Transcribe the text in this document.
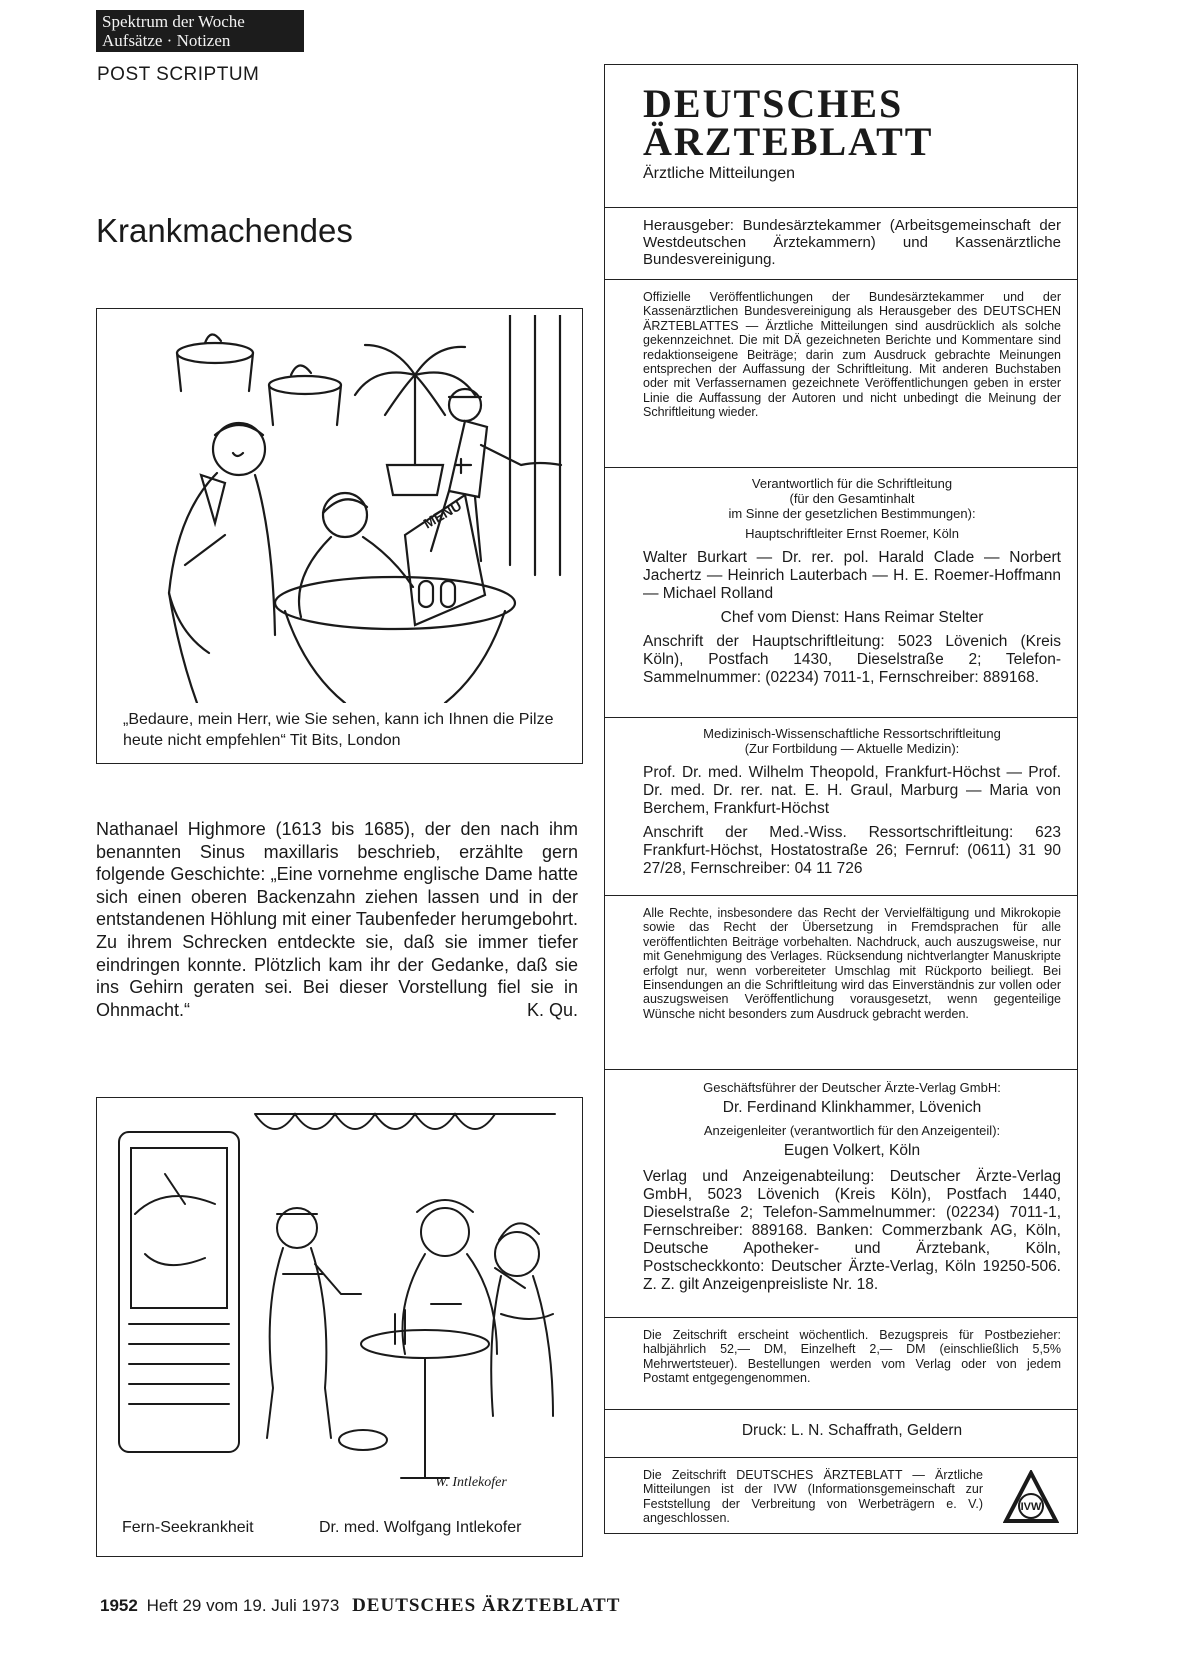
Spektrum der Woche
Aufsätze · Notizen
POST SCRIPTUM
Krankmachendes
MENU
„Bedaure, mein Herr, wie Sie sehen, kann ich Ihnen die Pilze heute nicht empfehlen“ Tit Bits, London
Nathanael Highmore (1613 bis 1685), der den nach ihm benannten Sinus maxillaris beschrieb, erzählte gern folgende Geschichte: „Eine vornehme englische Dame hatte sich einen oberen Backenzahn ziehen lassen und in der entstandenen Höhlung mit einer Taubenfeder herumgebohrt. Zu ihrem Schrecken entdeckte sie, daß sie immer tiefer eindringen konnte. Plötzlich kam ihr der Gedanke, daß sie ins Gehirn geraten sei. Bei dieser Vorstellung fiel sie in Ohnmacht.“	K. Qu.
W. Intlekofer
Fern-Seekrankheit	Dr. med. Wolfgang Intlekofer
DEUTSCHES
ÄRZTEBLATT
Ärztliche Mitteilungen
Herausgeber: Bundesärztekammer (Arbeitsgemeinschaft der Westdeutschen Ärztekammern) und Kassenärztliche Bundesvereinigung.
Offizielle Veröffentlichungen der Bundesärztekammer und der Kassenärztlichen Bundesvereinigung als Herausgeber des DEUTSCHEN ÄRZTEBLATTES — Ärztliche Mitteilungen sind ausdrücklich als solche gekennzeichnet. Die mit DÄ gezeichneten Berichte und Kommentare sind redaktionseigene Beiträge; darin zum Ausdruck gebrachte Meinungen entsprechen der Auffassung der Schriftleitung. Mit anderen Buchstaben oder mit Verfassernamen gezeichnete Veröffentlichungen geben in erster Linie die Auffassung der Autoren und nicht unbedingt die Meinung der Schriftleitung wieder.
Verantwortlich für die Schriftleitung
(für den Gesamtinhalt
im Sinne der gesetzlichen Bestimmungen):
Hauptschriftleiter Ernst Roemer, Köln
Walter Burkart — Dr. rer. pol. Harald Clade — Norbert Jachertz — Heinrich Lauterbach — H. E. Roemer-Hoffmann — Michael Rolland
Chef vom Dienst: Hans Reimar Stelter
Anschrift der Hauptschriftleitung: 5023 Lövenich (Kreis Köln), Postfach 1430, Dieselstraße 2; Telefon-Sammelnummer: (02234) 7011-1, Fernschreiber: 889168.
Medizinisch-Wissenschaftliche Ressortschriftleitung
(Zur Fortbildung — Aktuelle Medizin):
Prof. Dr. med. Wilhelm Theopold, Frankfurt-Höchst — Prof. Dr. med. Dr. rer. nat. E. H. Graul, Marburg — Maria von Berchem, Frankfurt-Höchst
Anschrift der Med.-Wiss. Ressortschriftleitung: 623 Frankfurt-Höchst, Hostatostraße 26; Fernruf: (0611) 31 90 27/28, Fernschreiber: 04 11 726
Alle Rechte, insbesondere das Recht der Vervielfältigung und Mikrokopie sowie das Recht der Übersetzung in Fremdsprachen für alle veröffentlichten Beiträge vorbehalten. Nachdruck, auch auszugsweise, nur mit Genehmigung des Verlages. Rücksendung nichtverlangter Manuskripte erfolgt nur, wenn vorbereiteter Umschlag mit Rückporto beiliegt. Bei Einsendungen an die Schriftleitung wird das Einverständnis zur vollen oder auszugsweisen Veröffentlichung vorausgesetzt, wenn gegenteilige Wünsche nicht besonders zum Ausdruck gebracht werden.
Geschäftsführer der Deutscher Ärzte-Verlag GmbH:
Dr. Ferdinand Klinkhammer, Lövenich
Anzeigenleiter (verantwortlich für den Anzeigenteil):
Eugen Volkert, Köln
Verlag und Anzeigenabteilung: Deutscher Ärzte-Verlag GmbH, 5023 Lövenich (Kreis Köln), Postfach 1440, Dieselstraße 2; Telefon-Sammelnummer: (02234) 7011-1, Fernschreiber: 889168. Banken: Commerzbank AG, Köln, Deutsche Apotheker- und Ärztebank, Köln, Postscheckkonto: Deutscher Ärzte-Verlag, Köln 19250-506. Z. Z. gilt Anzeigenpreisliste Nr. 18.
Die Zeitschrift erscheint wöchentlich. Bezugspreis für Postbezieher: halbjährlich 52,— DM, Einzelheft 2,— DM (einschließlich 5,5% Mehrwertsteuer). Bestellungen werden vom Verlag oder von jedem Postamt entgegengenommen.
Druck: L. N. Schaffrath, Geldern
Die Zeitschrift DEUTSCHES ÄRZTEBLATT — Ärztliche Mitteilungen ist der IVW (Informationsgemeinschaft zur Feststellung der Verbreitung von Werbeträgern e. V.) angeschlossen.
IVW
1952 Heft 29 vom 19. Juli 1973 DEUTSCHES ÄRZTEBLATT
